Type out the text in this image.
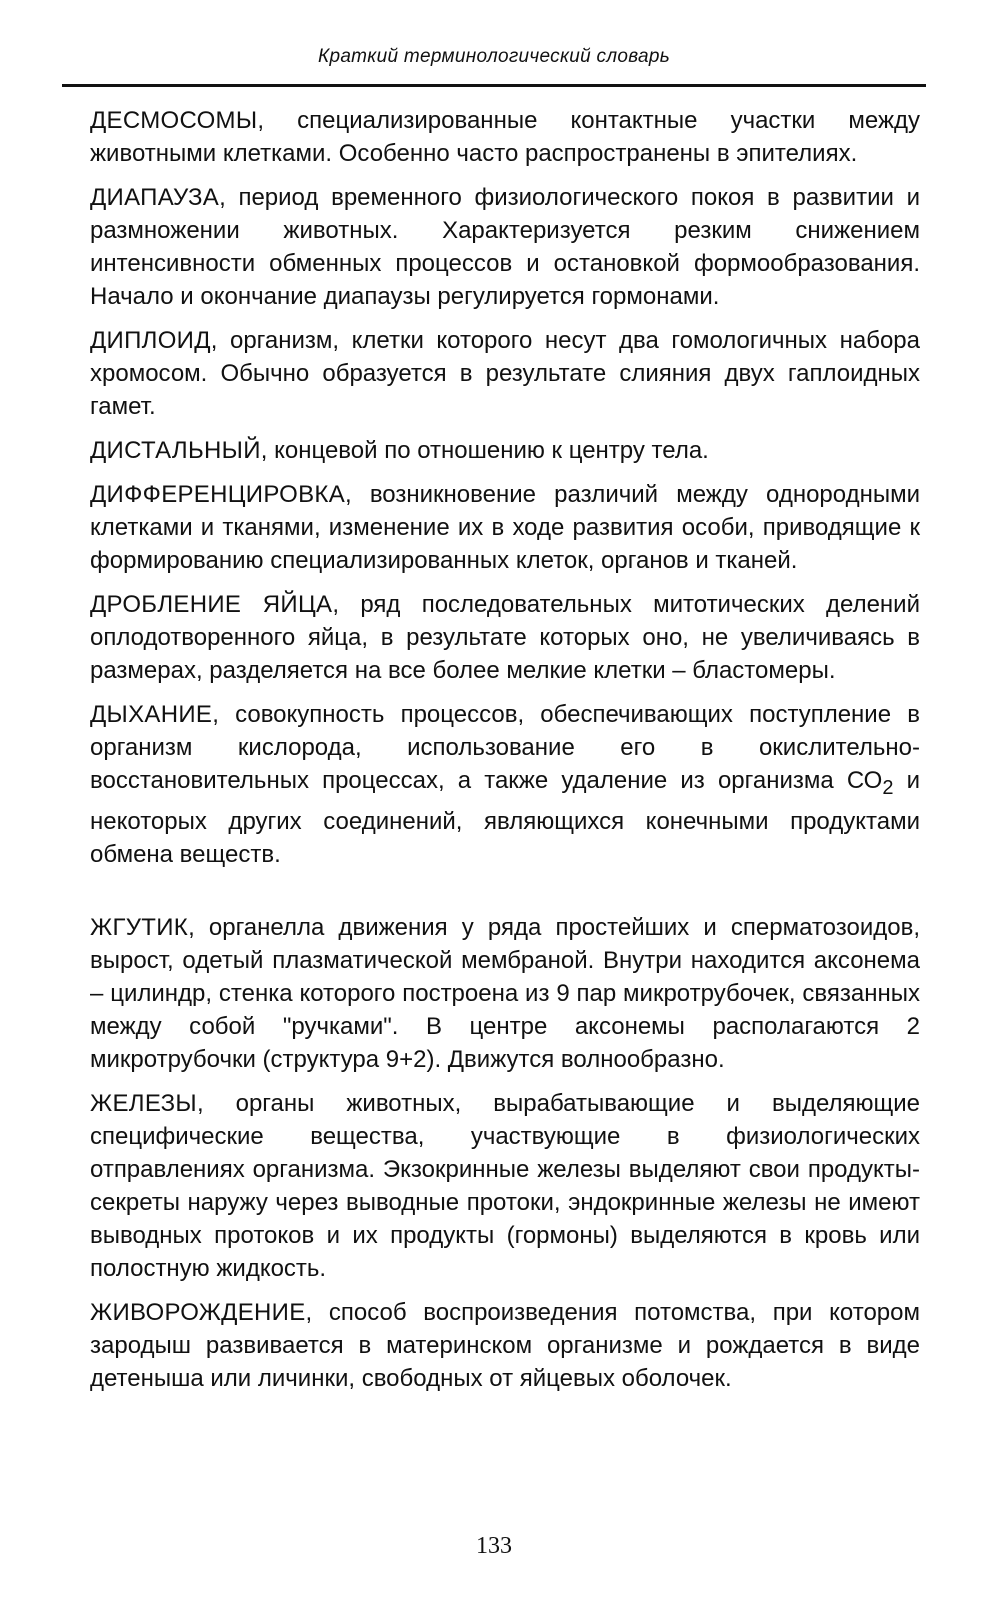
Краткий терминологический словарь

ДЕСМОСОМЫ, специализированные контактные участки между животными клетками. Особенно часто распространены в эпителиях.

ДИАПАУЗА, период временного физиологического покоя в развитии и размножении животных. Характеризуется резким снижением интенсивности обменных процессов и остановкой формообразования. Начало и окончание диапаузы регулируется гормонами.

ДИПЛОИД, организм, клетки которого несут два гомологичных набора хромосом. Обычно образуется в результате слияния двух гаплоидных гамет.

ДИСТАЛЬНЫЙ, концевой по отношению к центру тела.

ДИФФЕРЕНЦИРОВКА, возникновение различий между однородными клетками и тканями, изменение их в ходе развития особи, приводящие к формированию специализированных клеток, органов и тканей.

ДРОБЛЕНИЕ ЯЙЦА, ряд последовательных митотических делений оплодотворенного яйца, в результате которых оно, не увеличиваясь в размерах, разделяется на все более мелкие клетки – бластомеры.

ДЫХАНИЕ, совокупность процессов, обеспечивающих поступление в организм кислорода, использование его в окислительно-восстановительных процессах, а также удаление из организма $СО_2$ и некоторых других соединений, являющихся конечными продуктами обмена веществ.

ЖГУТИК, органелла движения у ряда простейших и сперматозоидов, вырост, одетый плазматической мембраной. Внутри находится аксонема – цилиндр, стенка которого построена из 9 пар микротрубочек, связанных между собой "ручками". В центре аксонемы располагаются 2 микротрубочки (структура 9+2). Движутся волнообразно.

ЖЕЛЕЗЫ, органы животных, вырабатывающие и выделяющие специфические вещества, участвующие в физиологических отправлениях организма. Экзокринные железы выделяют свои продукты-секреты наружу через выводные протоки, эндокринные железы не имеют выводных протоков и их продукты (гормоны) выделяются в кровь или полостную жидкость.

ЖИВОРОЖДЕНИЕ, способ воспроизведения потомства, при котором зародыш развивается в материнском организме и рождается в виде детеныша или личинки, свободных от яйцевых оболочек.

133
